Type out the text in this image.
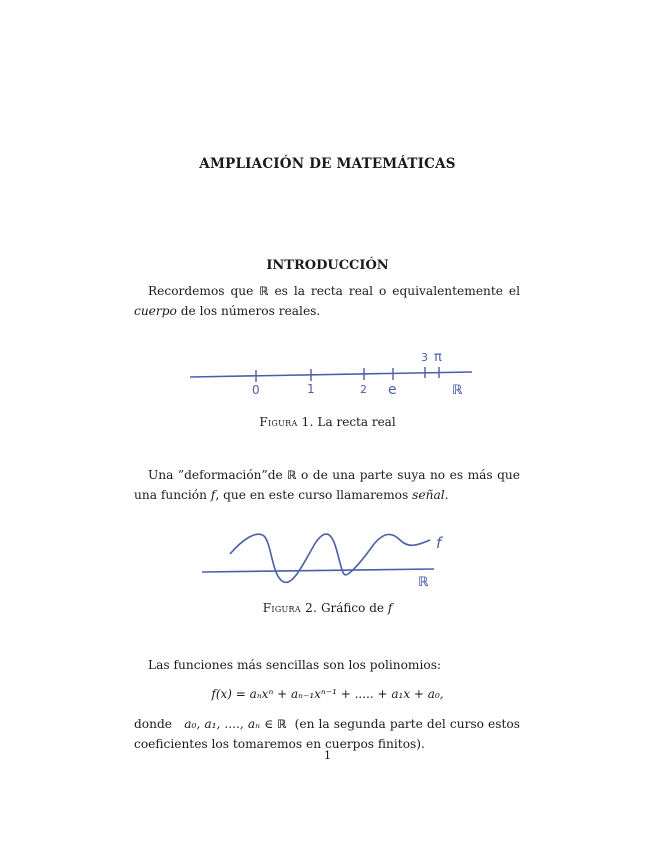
AMPLIACIÓN DE MATEMÁTICAS
INTRODUCCIÓN
Recordemos que ℝ es la recta real o equivalentemente el cuerpo de los números reales.
0	1	2 e
3 π
ℝ
Figura 1. La recta real
Una ”deformación”de ℝ o de una parte suya no es más que una función f, que en este curso llamaremos señal.
f
ℝ
Figura 2. Gráfico de f
Las funciones más sencillas son los polinomios:
f(x) = aₙxⁿ + aₙ₋₁xⁿ⁻¹ + ..... + a₁x + a₀,
donde a₀, a₁, ...., aₙ ∈ ℝ (en la segunda parte del curso estos coeficientes los tomaremos en cuerpos finitos).
1
